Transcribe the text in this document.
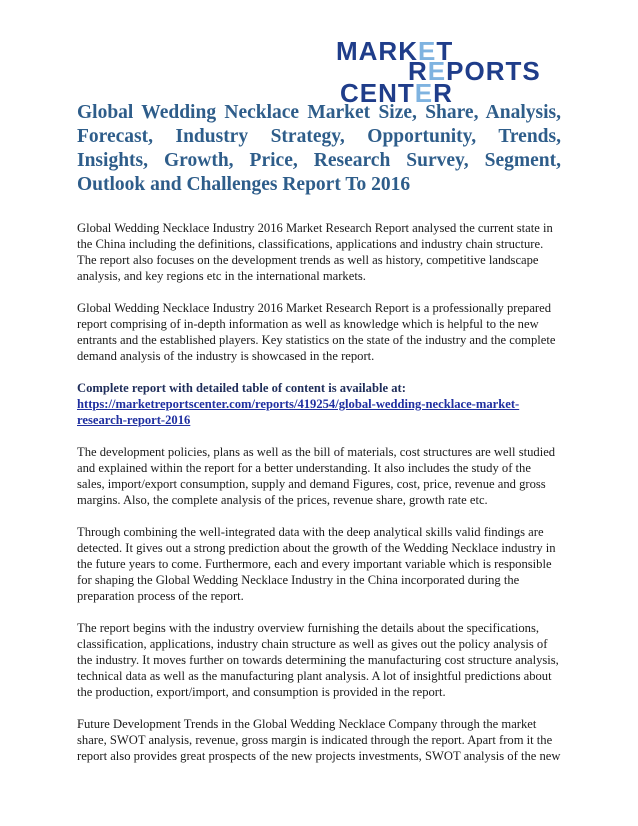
MARKET
REPORTS
CENTER
Global Wedding Necklace Market Size, Share, Analysis, Forecast, Industry Strategy, Opportunity, Trends, Insights, Growth, Price, Research Survey, Segment, Outlook and Challenges Report To 2016

Global Wedding Necklace Industry 2016 Market Research Report analysed the current state in the China including the definitions, classifications, applications and industry chain structure. The report also focuses on the development trends as well as history, competitive landscape analysis, and key regions etc in the international markets.

Global Wedding Necklace Industry 2016 Market Research Report is a professionally prepared report comprising of in-depth information as well as knowledge which is helpful to the new entrants and the established players. Key statistics on the state of the industry and the complete demand analysis of the industry is showcased in the report.

Complete report with detailed table of content is available at:
https://marketreportscenter.com/reports/419254/global-wedding-necklace-market-research-report-2016

The development policies, plans as well as the bill of materials, cost structures are well studied and explained within the report for a better understanding. It also includes the study of the sales, import/export consumption, supply and demand Figures, cost, price, revenue and gross margins. Also, the complete analysis of the prices, revenue share, growth rate etc.

Through combining the well-integrated data with the deep analytical skills valid findings are detected. It gives out a strong prediction about the growth of the Wedding Necklace industry in the future years to come. Furthermore, each and every important variable which is responsible for shaping the Global Wedding Necklace Industry in the China incorporated during the preparation process of the report.

The report begins with the industry overview furnishing the details about the specifications, classification, applications, industry chain structure as well as gives out the policy analysis of the industry. It moves further on towards determining the manufacturing cost structure analysis, technical data as well as the manufacturing plant analysis. A lot of insightful predictions about the production, export/import, and consumption is provided in the report.

Future Development Trends in the Global Wedding Necklace Company through the market share, SWOT analysis, revenue, gross margin is indicated through the report. Apart from it the report also provides great prospects of the new projects investments, SWOT analysis of the new
